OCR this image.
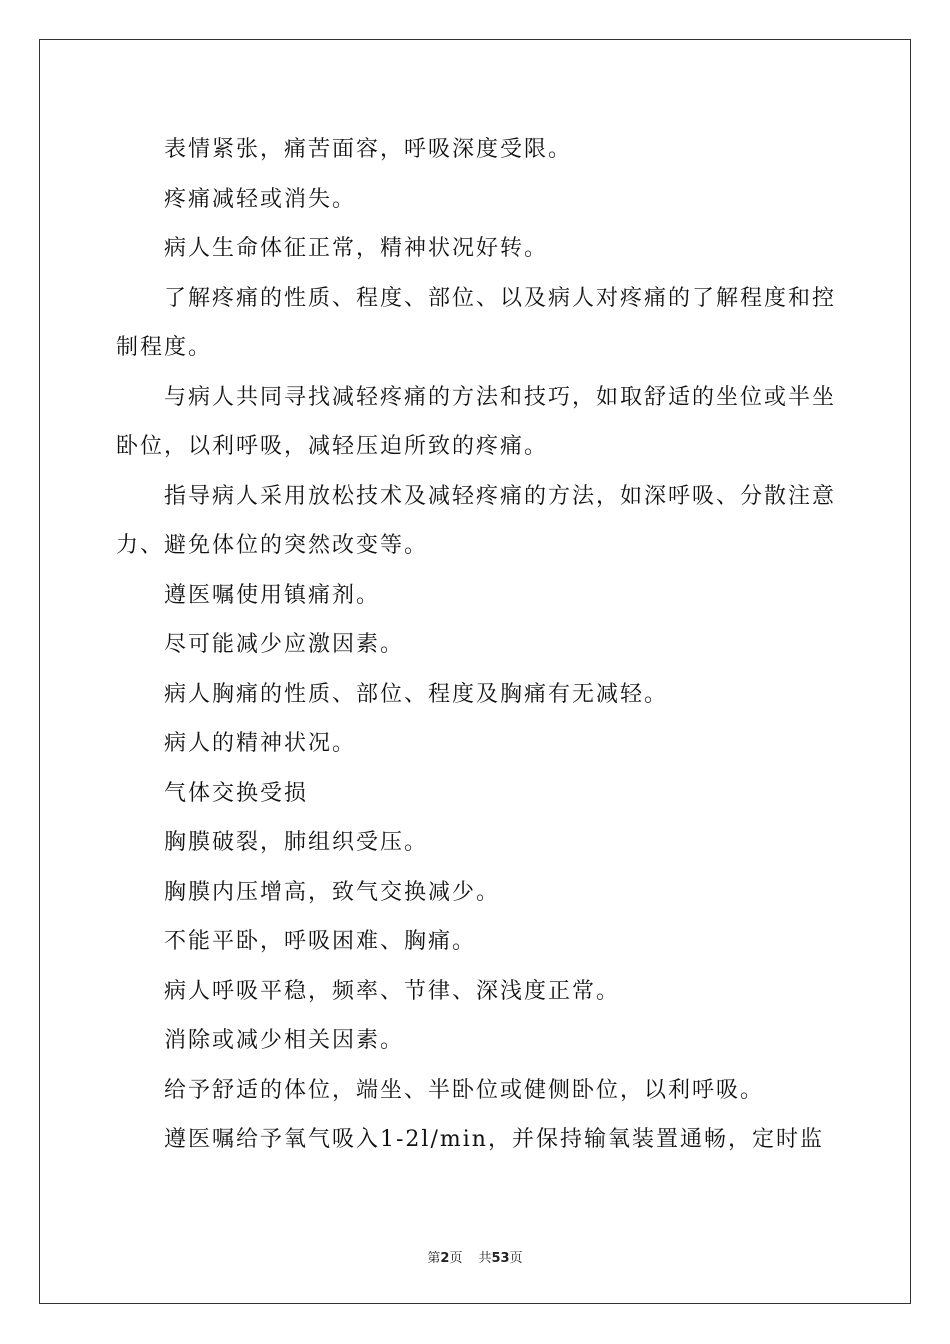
表情紧张，痛苦面容，呼吸深度受限。

疼痛减轻或消失。

病人生命体征正常，精神状况好转。

了解疼痛的性质、程度、部位、以及病人对疼痛的了解程度和控制程度。

与病人共同寻找减轻疼痛的方法和技巧，如取舒适的坐位或半坐卧位，以利呼吸，减轻压迫所致的疼痛。

指导病人采用放松技术及减轻疼痛的方法，如深呼吸、分散注意力、避免体位的突然改变等。

遵医嘱使用镇痛剂。

尽可能减少应激因素。

病人胸痛的性质、部位、程度及胸痛有无减轻。

病人的精神状况。

气体交换受损

胸膜破裂，肺组织受压。

胸膜内压增高，致气交换减少。

不能平卧，呼吸困难、胸痛。

病人呼吸平稳，频率、节律、深浅度正常。

消除或减少相关因素。

给予舒适的体位，端坐、半卧位或健侧卧位，以利呼吸。

遵医嘱给予氧气吸入1-2l/min，并保持输氧装置通畅，定时监

第2页 共53页
